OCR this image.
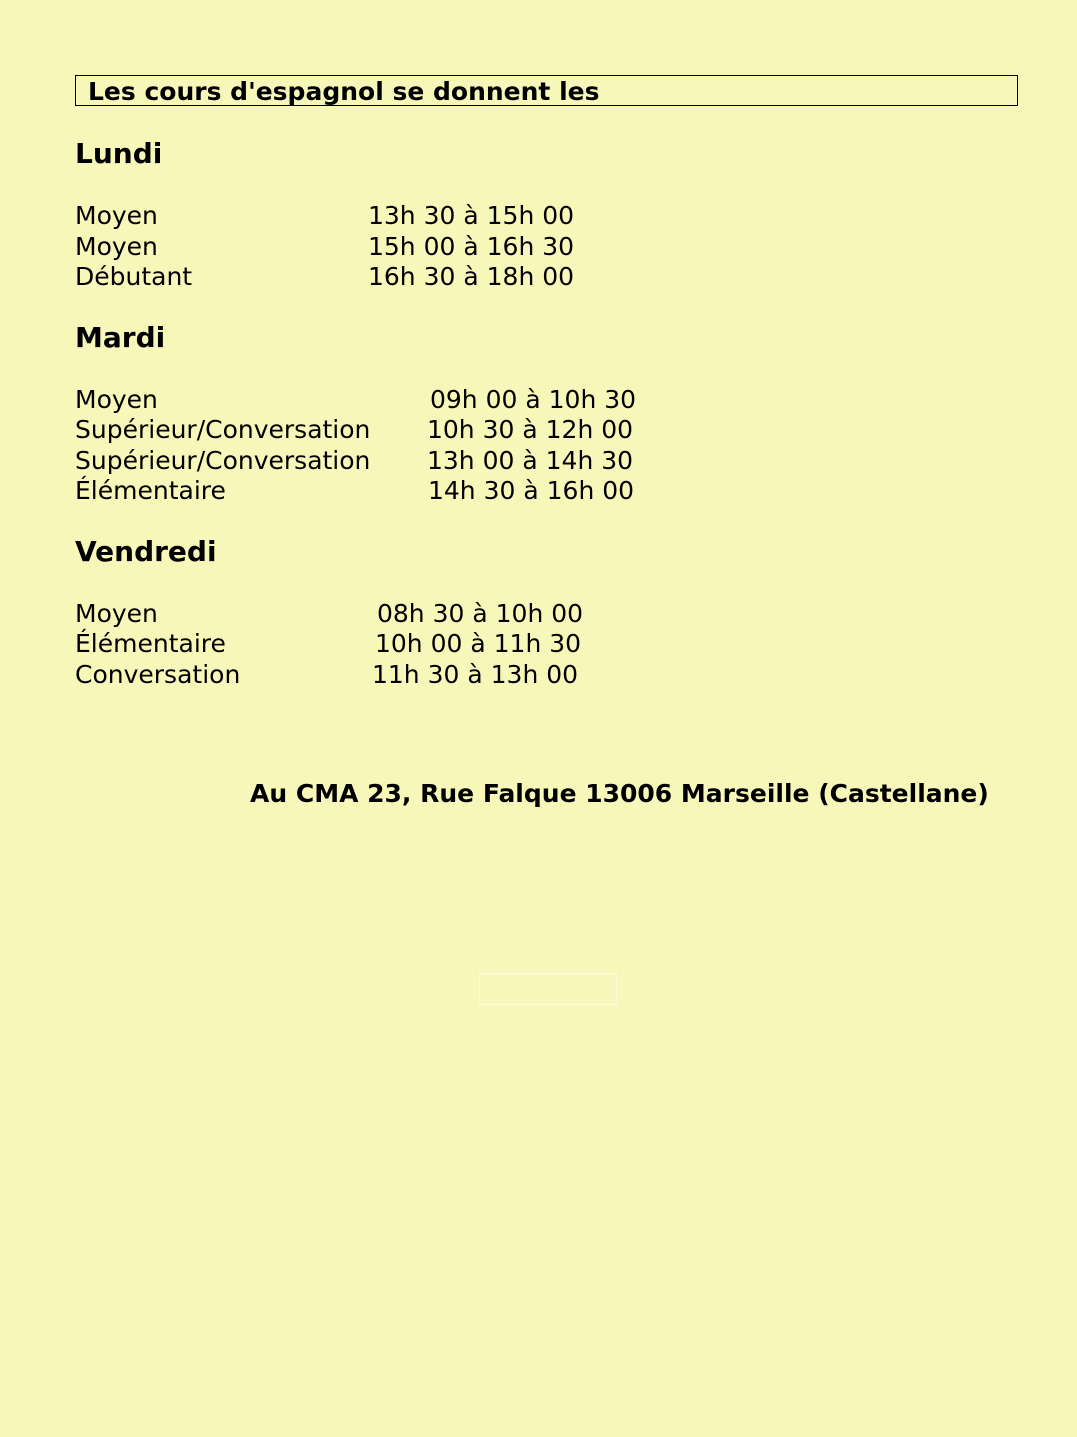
Les cours d'espagnol se donnent les
Lundi
Moyen	13h 30 à 15h 00
Moyen	15h 00 à 16h 30
Débutant	16h 30 à 18h 00
Mardi
Moyen	09h 00 à 10h 30
Supérieur/Conversation 10h 30 à 12h 00
Supérieur/Conversation 13h 00 à 14h 30
Élémentaire	14h 30 à 16h 00
Vendredi
Moyen	08h 30 à 10h 00
Élémentaire	10h 00 à 11h 30
Conversation	11h 30 à 13h 00
Au CMA 23, Rue Falque 13006 Marseille (Castellane)
